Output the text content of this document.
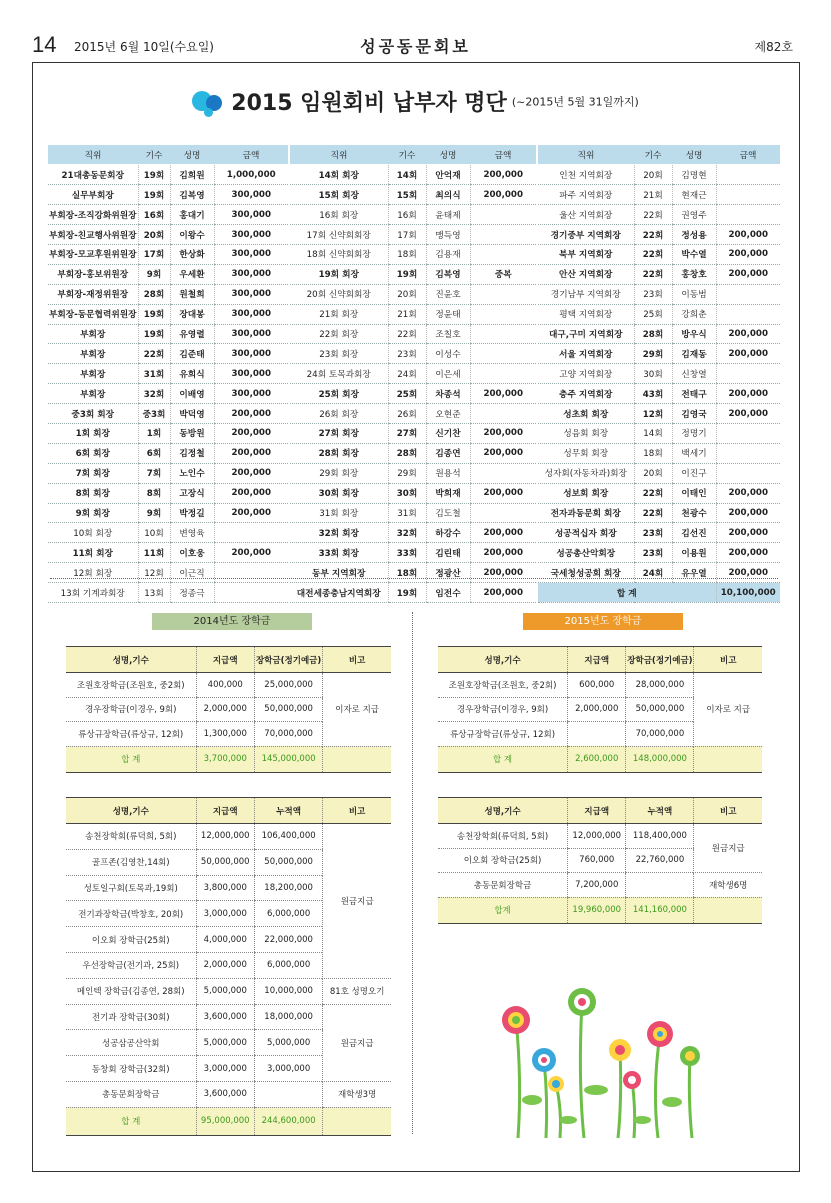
14 2015년 6월 10일(수요일)	성공동문회보	제82호
2015 임원회비 납부자 명단 (~2015년 5월 31일까지)
직위	기수	성명	금액
21대총동문회장	19회	김희원	1,000,000
실무부회장	19회	김복영	300,000
부회장-조직강화위원장	16회	홍대기	300,000
부회장-친교행사위원장	20회	이왕수	300,000
부회장-모교후원위원장	17회	한상화	300,000
부회장-홍보위원장	9회	우세환	300,000
부회장-재정위원장	28회	원철희	300,000
부회장-동문협력위원장	19회	장대봉	300,000
부회장	19회	유영렬	300,000
부회장	22회	김준태	300,000
부회장	31회	유희식	300,000
부회장	32회	이배영	300,000
중3회 회장	중3회	박덕영	200,000
1회 회장	1회	동방원	200,000
6회 회장	6회	김정철	200,000
7회 회장	7회	노인수	200,000
8회 회장	8회	고장식	200,000
9회 회장	9회	박정길	200,000
10회 회장	10회	변영육	
11회 회장	11회	이호웅	200,000
12회 회장	12회	이근직	
13회 기계과회장	13회	정종극	
직위	기수	성명	금액
14회 회장	14회	안억재	200,000
15회 회장	15회	최의식	200,000
16회 회장	16회	윤태제	
17회 신약회회장	17회	맹득영	
18회 신약회회장	18회	김용재	
19회 회장	19회	김복영	중복
20회 신약회회장	20회	진윤호	
21회 회장	21회	정윤태	
22회 회장	22회	조칠호	
23회 회장	23회	이성수	
24회 토목과회장	24회	이은세	
25회 회장	25회	차종석	200,000
26회 회장	26회	오현준	
27회 회장	27회	신기찬	200,000
28회 회장	28회	김종연	200,000
29회 회장	29회	원용석	
30회 회장	30회	박희재	200,000
31회 회장	31회	김도철	
32회 회장	32회	하강수	200,000
33회 회장	33회	김린태	200,000
동부 지역회장	18회	정광산	200,000
대전세종충남지역회장	19회	임전수	200,000
직위	기수	성명	금액
인천 지역회장	20회	김명현	
파주 지역회장	21회	현재근	
울산 지역회장	22회	권영주	
경기중부 지역회장	22회	정성용	200,000
북부 지역회장	22회	박수열	200,000
안산 지역회장	22회	홍창호	200,000
경기남부 지역회장	23회	이동범	
평택 지역회장	25회	강희춘	
대구,구미 지역회장	28회	방우식	200,000
서울 지역회장	29회	김재동	200,000
고양 지역회장	30회	신창열	
충주 지역회장	43회	전태구	200,000
성초회 회장	12회	김영국	200,000
성음회 회장	14회	정명기	
성무회 회장	18회	백세기	
성자회(자동차과)회장	20회	이진구	
성보회 회장	22회	이태인	200,000
전자과동문회 회장	22회	천광수	200,000
성공적십자 회장	23회	김선진	200,000
성공총산악회장	23회	이용원	200,000
국세청성공회 회장	24회	유우열	200,000
합 계			10,100,000
2014년도 장학금	2015년도 장학금
성명,기수	지급액	장학금(정기예금)	비고
조원호장학금(조원호, 중2회)	400,000	25,000,000	이자로 지급
경우장학금(이경우, 9회)	2,000,000	50,000,000	
류상규장학금(류상규, 12회)	1,300,000	70,000,000	
합 계	3,700,000	145,000,000	
성명,기수	지급액	누적액	비고
송천장학회(류덕희, 5회)	12,000,000	106,400,000	원금지급
골프존(김영찬,14회)	50,000,000	50,000,000	
성토일구회(토목과,19회)	3,800,000	18,200,000	
전기과장학금(박창호, 20회)	3,000,000	6,000,000	
이오회 장학금(25회)	4,000,000	22,000,000	
우선장학금(전기과, 25회)	2,000,000	6,000,000	
메인텍 장학금(김종연, 28회)	5,000,000	10,000,000	81호 성명오기
전기과 장학금(30회)	3,600,000	18,000,000	원금지급
성공삼공산악회	5,000,000	5,000,000	
동창회 장학금(32회)	3,000,000	3,000,000	
총동문회장학금	3,600,000		재학생3명
합 계	95,000,000	244,600,000	
성명,기수	지급액	장학금(정기예금)	비고
조원호장학금(조원호, 중2회)	600,000	28,000,000	이자로 지급
경우장학금(이경우, 9회)	2,000,000	50,000,000	
류상규장학금(류상규, 12회)		70,000,000	
합 계	2,600,000	148,000,000	
성명,기수	지급액	누적액	비고
송천장학회(류덕희, 5회)	12,000,000	118,400,000	원금지급
이오회 장학금(25회)	760,000	22,760,000	
총동문회장학금	7,200,000		재학생6명
합계	19,960,000	141,160,000	
